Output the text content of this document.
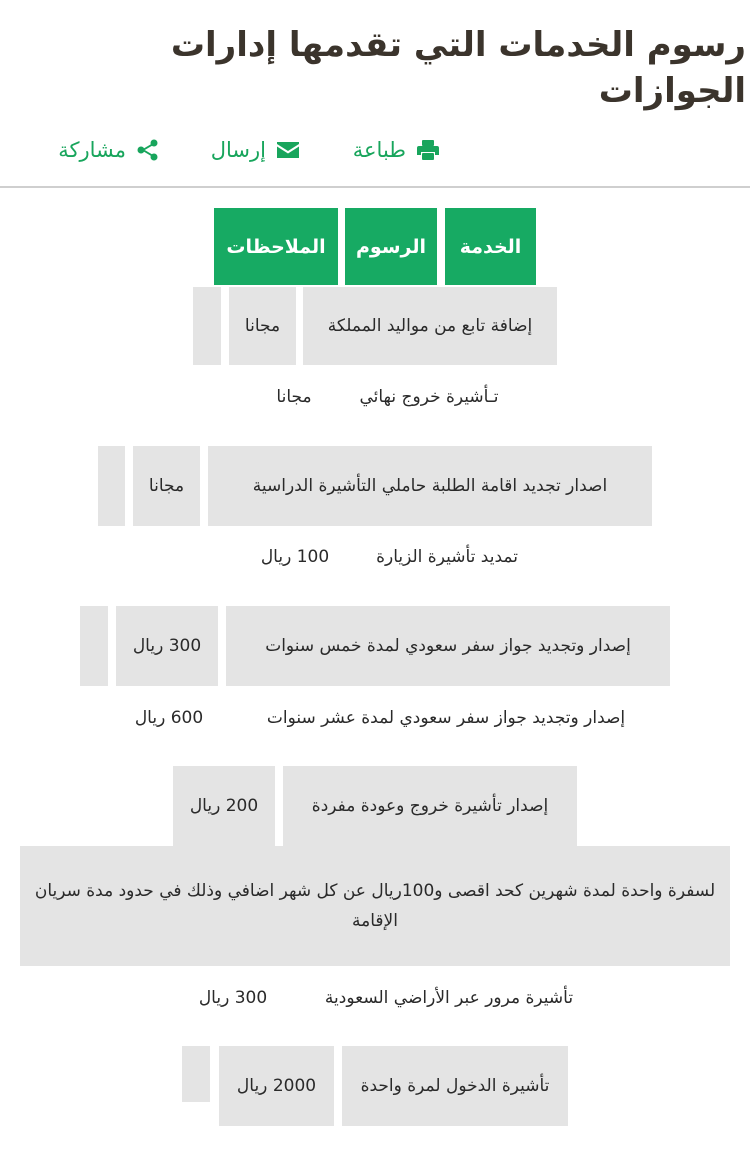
رسوم الخدمات التي تقدمها إدارات الجوازات
طباعة
إرسال
مشاركة
الخدمة
الرسوم
الملاحظات
إضافة تابع من مواليد المملكة
مجانا
تـأشيرة خروج نهائي
مجانا
اصدار تجديد اقامة الطلبة حاملي التأشيرة الدراسية
مجانا
تمديد تأشيرة الزيارة
100 ريال
إصدار وتجديد جواز سفر سعودي لمدة خمس سنوات
300 ريال
إصدار وتجديد جواز سفر سعودي لمدة عشر سنوات
600 ريال
إصدار تأشيرة خروج وعودة مفردة
200 ريال
لسفرة واحدة لمدة شهرين كحد اقصى و100ريال عن كل شهر اضافي وذلك في حدود مدة سريان الإقامة
تأشيرة مرور عبر الأراضي السعودية
300 ريال
تأشيرة الدخول لمرة واحدة
2000 ريال
